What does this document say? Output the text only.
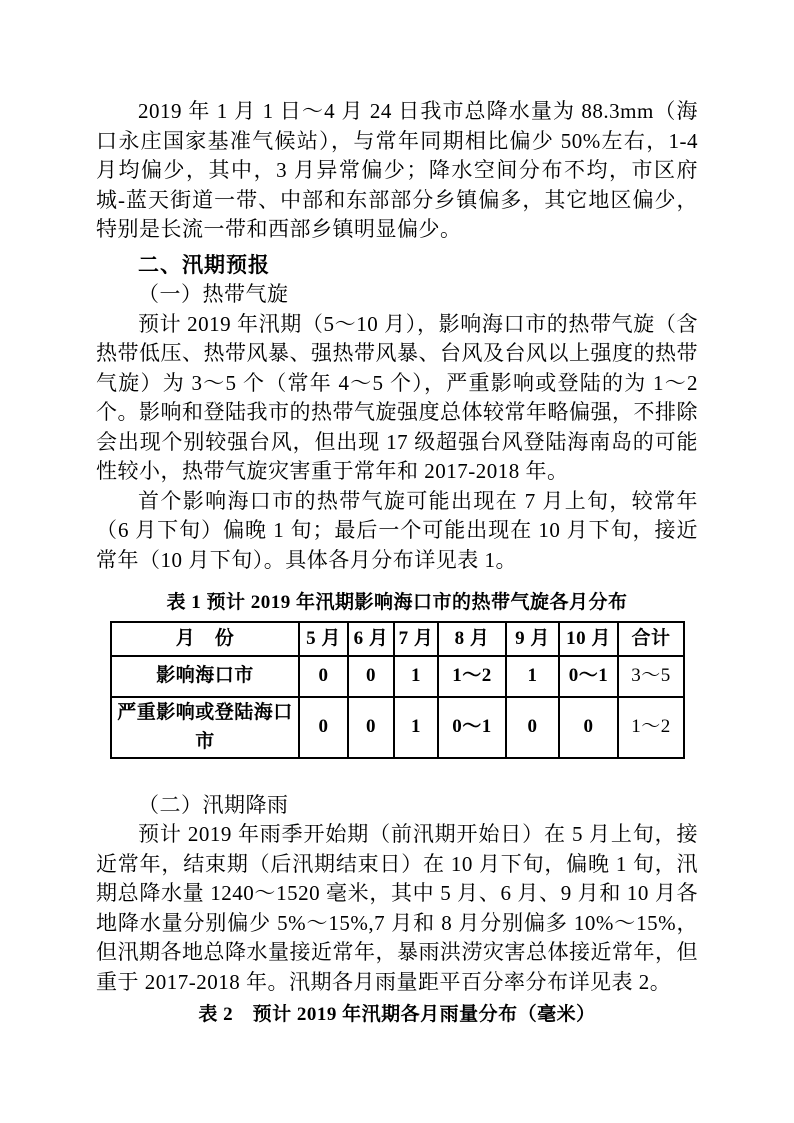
2019 年 1 月 1 日～4 月 24 日我市总降水量为 88.3mm（海口永庄国家基准气候站），与常年同期相比偏少 50%左右，1-4 月均偏少，其中，3 月异常偏少；降水空间分布不均，市区府城-蓝天街道一带、中部和东部部分乡镇偏多，其它地区偏少，特别是长流一带和西部乡镇明显偏少。

二、汛期预报
（一）热带气旋

预计 2019 年汛期（5～10 月），影响海口市的热带气旋（含热带低压、热带风暴、强热带风暴、台风及台风以上强度的热带气旋）为 3～5 个（常年 4～5 个），严重影响或登陆的为 1～2 个。影响和登陆我市的热带气旋强度总体较常年略偏强，不排除会出现个别较强台风，但出现 17 级超强台风登陆海南岛的可能性较小，热带气旋灾害重于常年和 2017-2018 年。

首个影响海口市的热带气旋可能出现在 7 月上旬，较常年（6 月下旬）偏晚 1 旬；最后一个可能出现在 10 月下旬，接近常年（10 月下旬）。具体各月分布详见表 1。

表 1 预计 2019 年汛期影响海口市的热带气旋各月分布
月　份	5 月	6 月	7 月	8 月	9 月	10 月	合计
影响海口市	0	0	1	1～2	1	0～1	3～5
严重影响或登陆海口市	0	0	1	0～1	0	0	1～2
（二）汛期降雨

预计 2019 年雨季开始期（前汛期开始日）在 5 月上旬，接近常年，结束期（后汛期结束日）在 10 月下旬，偏晚 1 旬，汛期总降水量 1240～1520 毫米，其中 5 月、6 月、9 月和 10 月各地降水量分别偏少 5%～15%,7 月和 8 月分别偏多 10%～15%，但汛期各地总降水量接近常年，暴雨洪涝灾害总体接近常年，但重于 2017-2018 年。汛期各月雨量距平百分率分布详见表 2。

表 2　预计 2019 年汛期各月雨量分布（毫米）
